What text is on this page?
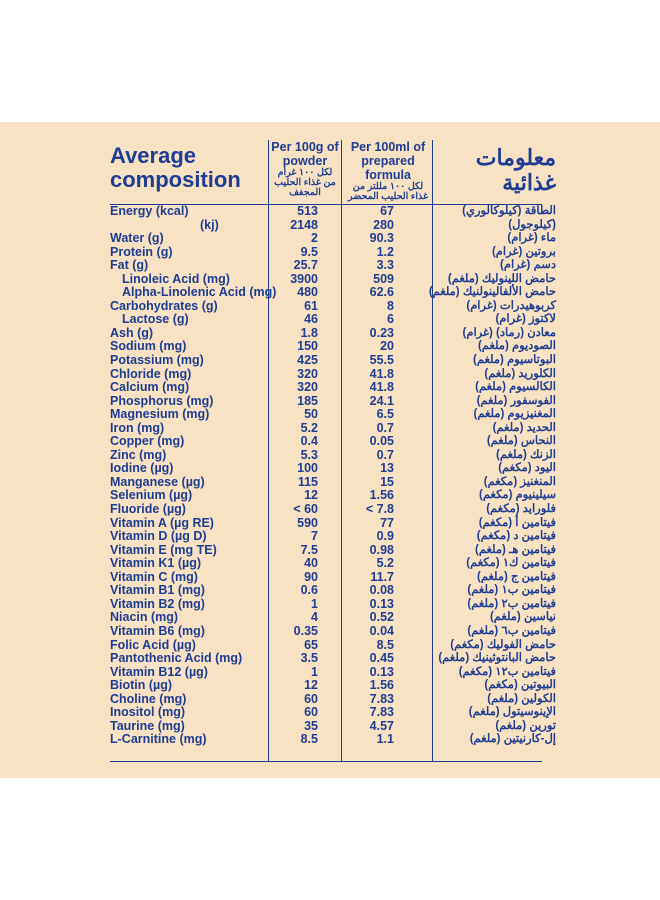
Average composition
معلومات غذائية
Per 100g of powder
لكل ١٠٠ غرام من غذاء الحليب المجفف
Per 100ml of prepared formula
لكل ١٠٠ مللتر من غذاء الحليب المحضر
Energy (kcal)	513	67	الطاقة (كيلوكالوري)
(kj)	2148	280	(كيلوجول)
Water (g)	2	90.3	ماء (غرام)
Protein (g)	9.5	1.2	بروتين (غرام)
Fat (g)	25.7	3.3	دسم (غرام)
Linoleic Acid (mg)	3900	509	حامض اللينوليك (ملغم)
Alpha-Linolenic Acid (mg)	480	62.6	حامض الألفالينولنيك (ملغم)
Carbohydrates (g)	61	8	كربوهيدرات (غرام)
Lactose (g)	46	6	لاكتوز (غرام)
Ash (g)	1.8	0.23	معادن (رماد) (غرام)
Sodium (mg)	150	20	الصوديوم (ملغم)
Potassium (mg)	425	55.5	البوتاسيوم (ملغم)
Chloride (mg)	320	41.8	الكلوريد (ملغم)
Calcium (mg)	320	41.8	الكالسيوم (ملغم)
Phosphorus (mg)	185	24.1	الفوسفور (ملغم)
Magnesium (mg)	50	6.5	المغنيزيوم (ملغم)
Iron (mg)	5.2	0.7	الحديد (ملغم)
Copper (mg)	0.4	0.05	النحاس (ملغم)
Zinc (mg)	5.3	0.7	الزنك (ملغم)
Iodine (µg)	100	13	اليود (مكغم)
Manganese (µg)	115	15	المنغنيز (مكغم)
Selenium (µg)	12	1.56	سيلينيوم (مكغم)
Fluoride (µg)	< 60	< 7.8	فلورايد (مكغم)
Vitamin A (µg RE)	590	77	فيتامين أ (مكغم)
Vitamin D (µg D)	7	0.9	فيتامين د (مكغم)
Vitamin E (mg TE)	7.5	0.98	فيتامين هـ (ملغم)
Vitamin K1 (µg)	40	5.2	فيتامين ك١ (مكغم)
Vitamin C (mg)	90	11.7	فيتامين ج (ملغم)
Vitamin B1 (mg)	0.6	0.08	فيتامين ب١ (ملغم)
Vitamin B2 (mg)	1	0.13	فيتامين ب٢ (ملغم)
Niacin (mg)	4	0.52	نياسين (ملغم)
Vitamin B6 (mg)	0.35	0.04	فيتامين ب٦ (ملغم)
Folic Acid (µg)	65	8.5	حامض الفوليك (مكغم)
Pantothenic Acid (mg)	3.5	0.45	حامض البانتوثينيك (ملغم)
Vitamin B12 (µg)	1	0.13	فيتامين ب١٢ (مكغم)
Biotin (µg)	12	1.56	البيوتين (مكغم)
Choline (mg)	60	7.83	الكولين (ملغم)
Inositol (mg)	60	7.83	الإينوسيتول (ملغم)
Taurine (mg)	35	4.57	تورين (ملغم)
L-Carnitine (mg)	8.5	1.1	إل-كارنيتين (ملغم)
